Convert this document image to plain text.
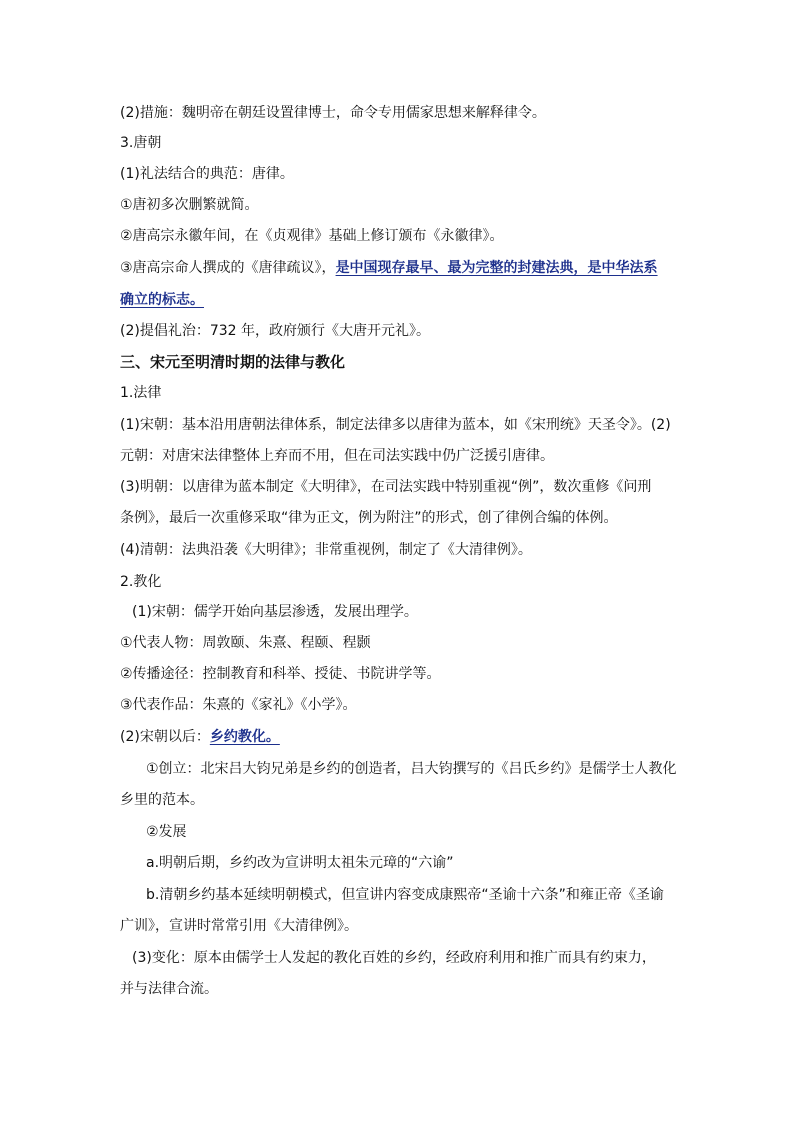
(2)措施：魏明帝在朝廷设置律博士，命令专用儒家思想来解释律令。
3.唐朝
(1)礼法结合的典范：唐律。
①唐初多次删繁就简。
②唐高宗永徽年间，在《贞观律》基础上修订颁布《永徽律》。
③唐高宗命人撰成的《唐律疏议》，是中国现存最早、最为完整的封建法典，是中华法系
确立的标志。
(2)提倡礼治：732 年，政府颁行《大唐开元礼》。
三、宋元至明清时期的法律与教化
1.法律
(1)宋朝：基本沿用唐朝法律体系，制定法律多以唐律为蓝本，如《宋刑统》天圣令》。(2)
元朝：对唐宋法律整体上弃而不用，但在司法实践中仍广泛援引唐律。
(3)明朝：以唐律为蓝本制定《大明律》，在司法实践中特别重视“例”，数次重修《问刑
条例》，最后一次重修采取“律为正文，例为附注”的形式，创了律例合编的体例。
(4)清朝：法典沿袭《大明律》；非常重视例，制定了《大清律例》。
2.教化
(1)宋朝：儒学开始向基层渗透，发展出理学。
①代表人物：周敦颐、朱熹、程颐、程颢
②传播途径：控制教育和科举、授徒、书院讲学等。
③代表作品：朱熹的《家礼》《小学》。
(2)宋朝以后：乡约教化。
①创立：北宋吕大钧兄弟是乡约的创造者，吕大钧撰写的《吕氏乡约》是儒学士人教化
乡里的范本。
②发展
a.明朝后期，乡约改为宣讲明太祖朱元璋的“六谕”
b.清朝乡约基本延续明朝模式，但宣讲内容变成康熙帝“圣谕十六条”和雍正帝《圣谕
广训》，宣讲时常常引用《大清律例》。
(3)变化：原本由儒学士人发起的教化百姓的乡约，经政府利用和推广而具有约束力，
并与法律合流。
